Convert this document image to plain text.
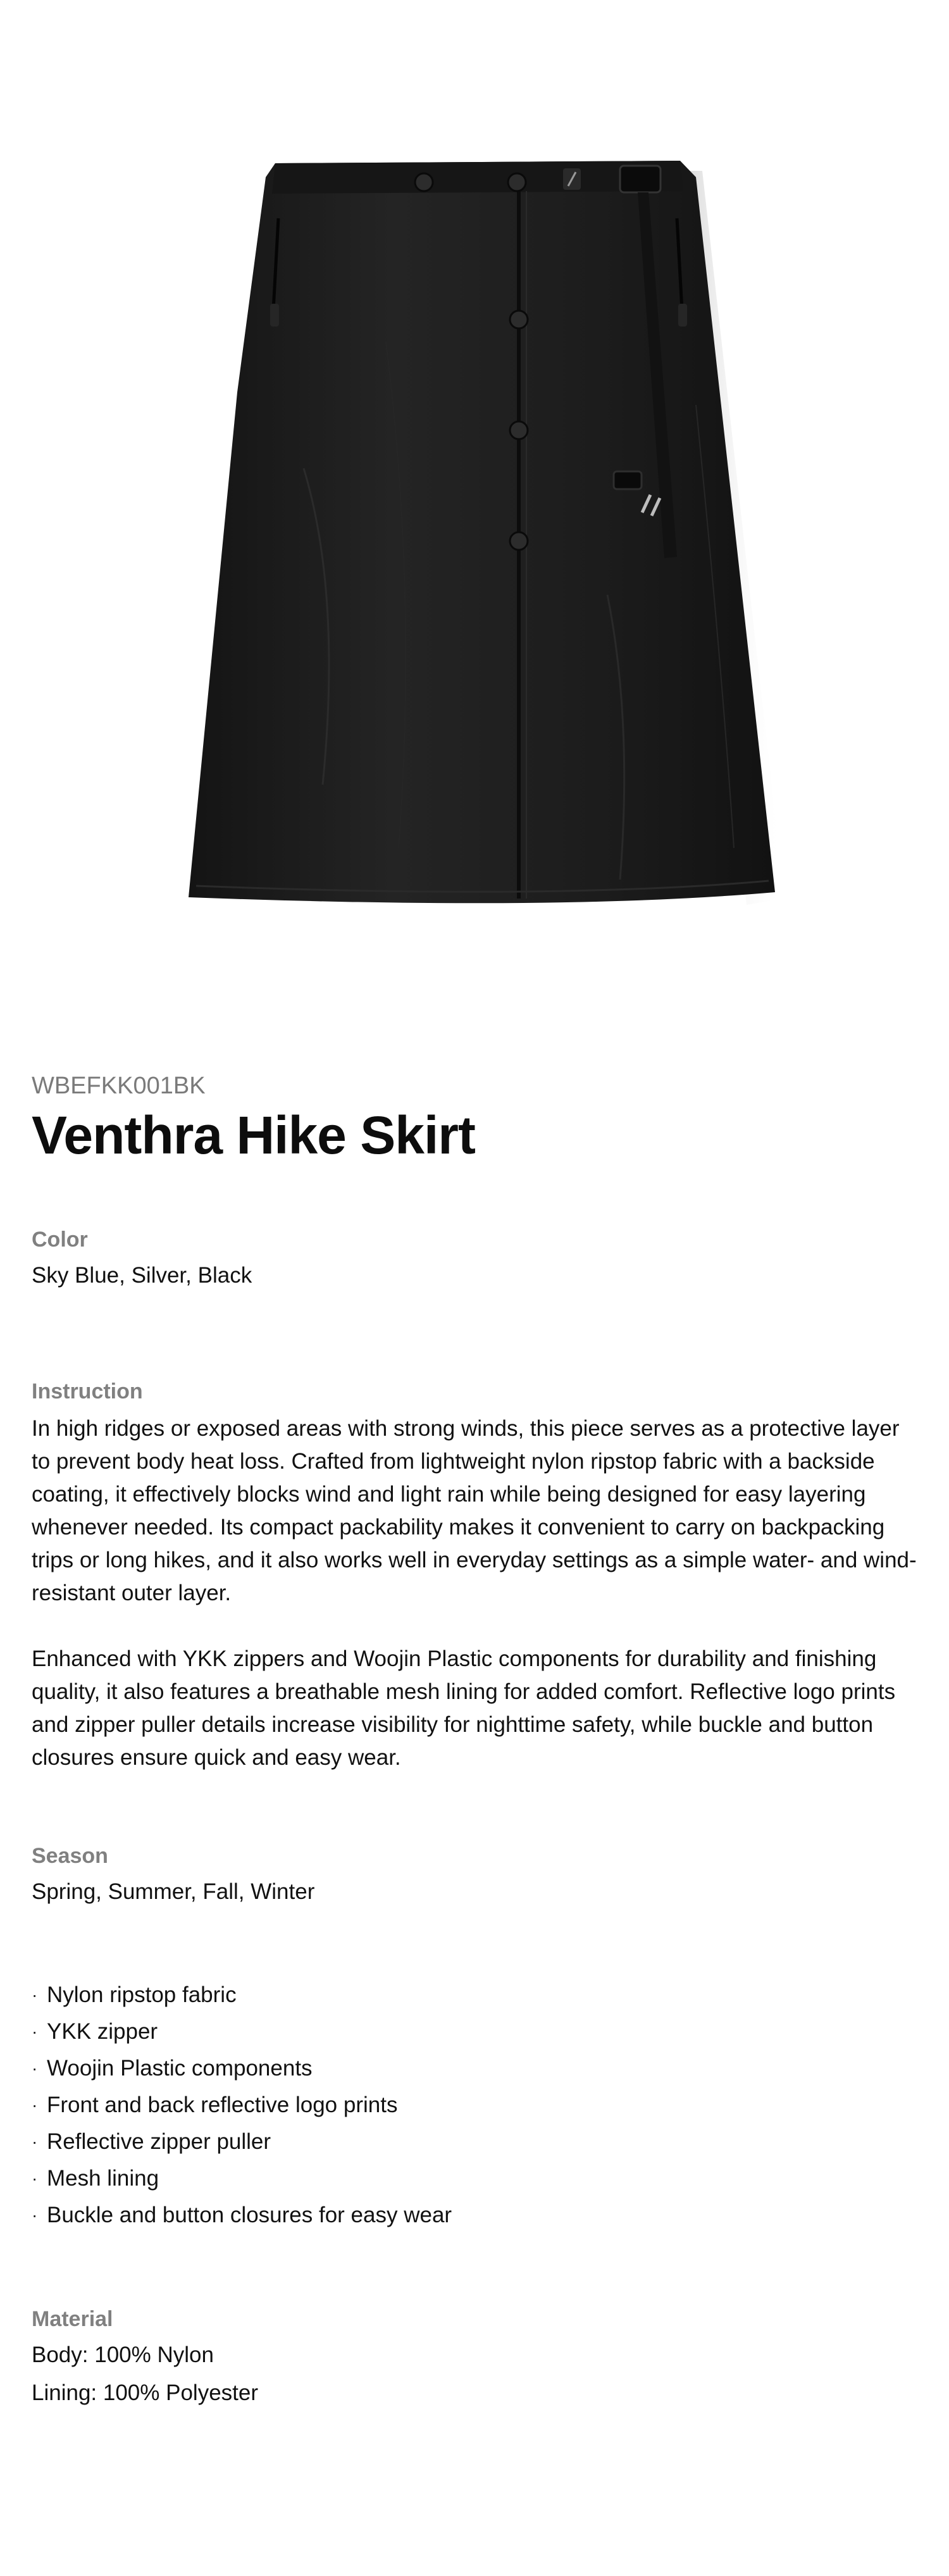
WBEFKK001BK
Venthra Hike Skirt
Color
Sky Blue, Silver, Black
Instruction

In high ridges or exposed areas with strong winds, this piece serves as a protective layer to prevent body heat loss. Crafted from lightweight nylon ripstop fabric with a backside coating, it effectively blocks wind and light rain while being designed for easy layering whenever needed. Its compact packability makes it convenient to carry on backpacking trips or long hikes, and it also works well in everyday settings as a simple water- and wind-resistant outer layer.

Enhanced with YKK zippers and Woojin Plastic components for durability and finishing quality, it also features a breathable mesh lining for added comfort. Reflective logo prints and zipper puller details increase visibility for nighttime safety, while buckle and button closures ensure quick and easy wear.

Season
Spring, Summer, Fall, Winter
· Nylon ripstop fabric
· YKK zipper
· Woojin Plastic components
· Front and back reflective logo prints
· Reflective zipper puller
· Mesh lining
· Buckle and button closures for easy wear
Material
Body: 100% Nylon
Lining: 100% Polyester
